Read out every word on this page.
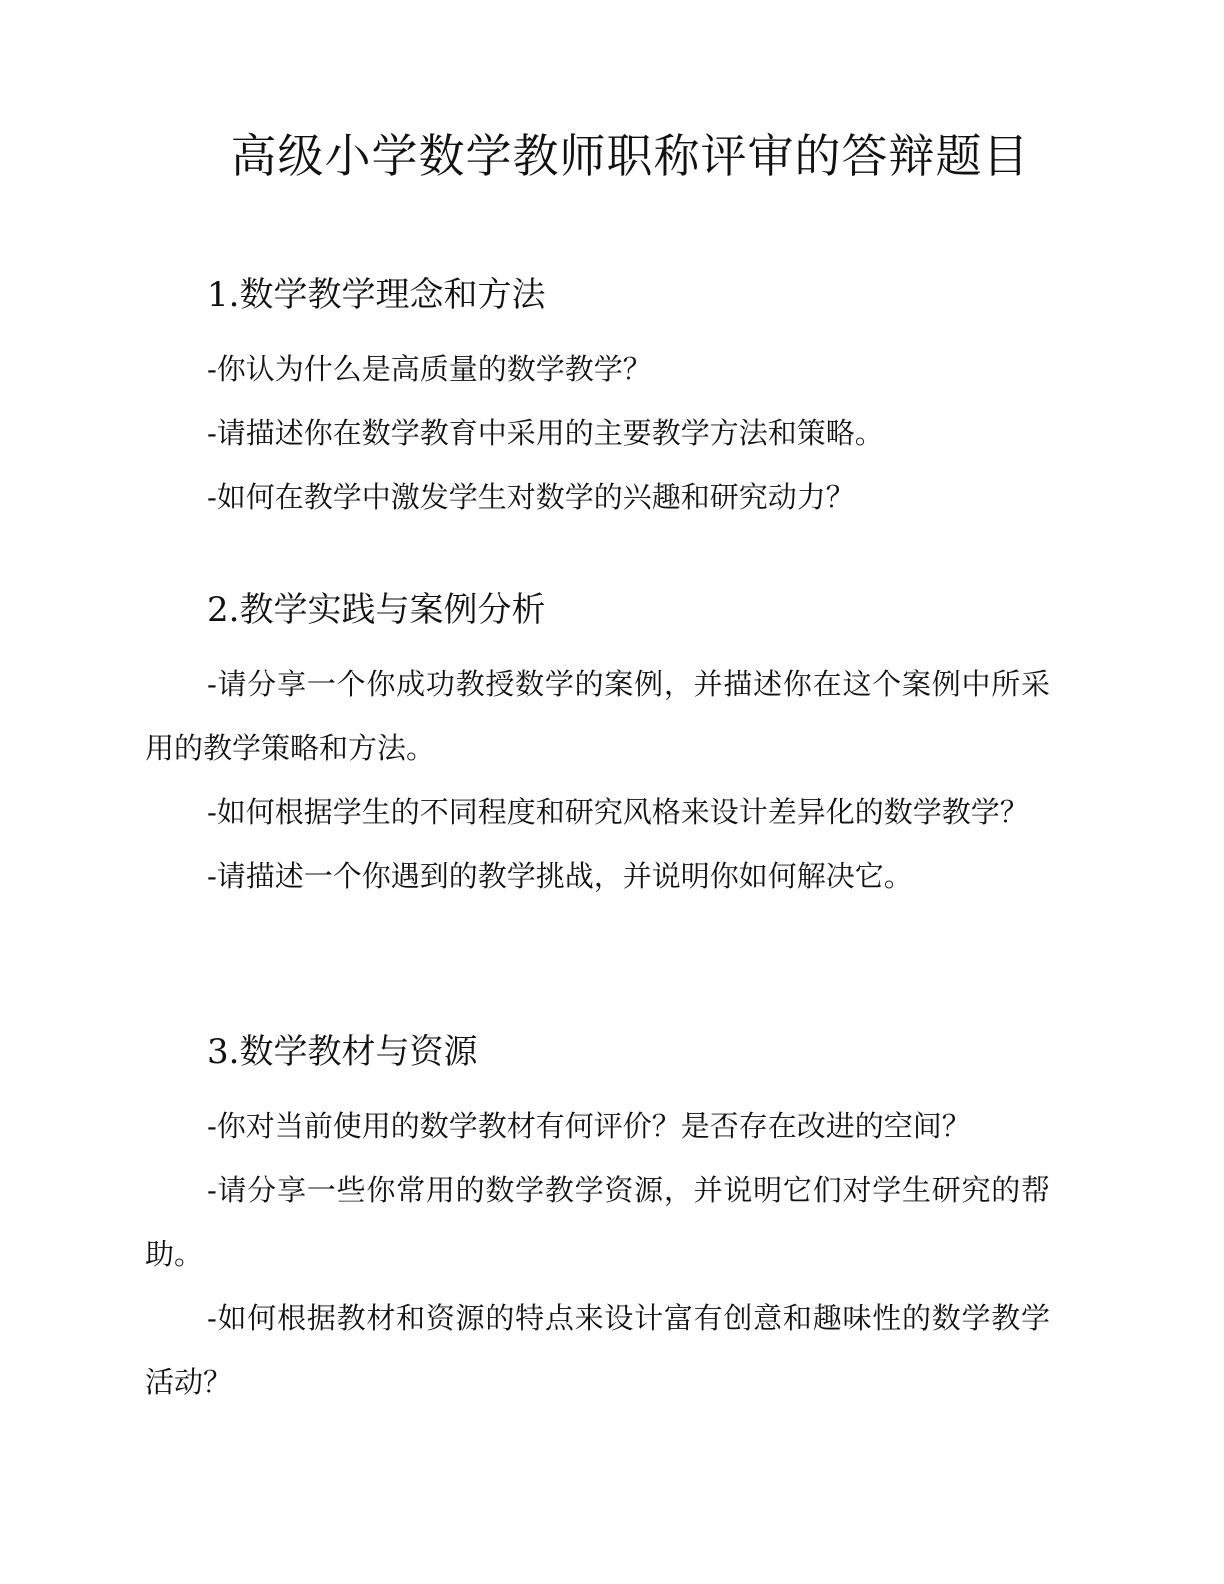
高级小学数学教师职称评审的答辩题目
1.数学教学理念和方法
-你认为什么是高质量的数学教学？
-请描述你在数学教育中采用的主要教学方法和策略。
-如何在教学中激发学生对数学的兴趣和研究动力？
2.教学实践与案例分析
-请分享一个你成功教授数学的案例，并描述你在这个案例中所采用的教学策略和方法。
-如何根据学生的不同程度和研究风格来设计差异化的数学教学？
-请描述一个你遇到的教学挑战，并说明你如何解决它。
3.数学教材与资源
-你对当前使用的数学教材有何评价？是否存在改进的空间？
-请分享一些你常用的数学教学资源，并说明它们对学生研究的帮助。
-如何根据教材和资源的特点来设计富有创意和趣味性的数学教学活动？
